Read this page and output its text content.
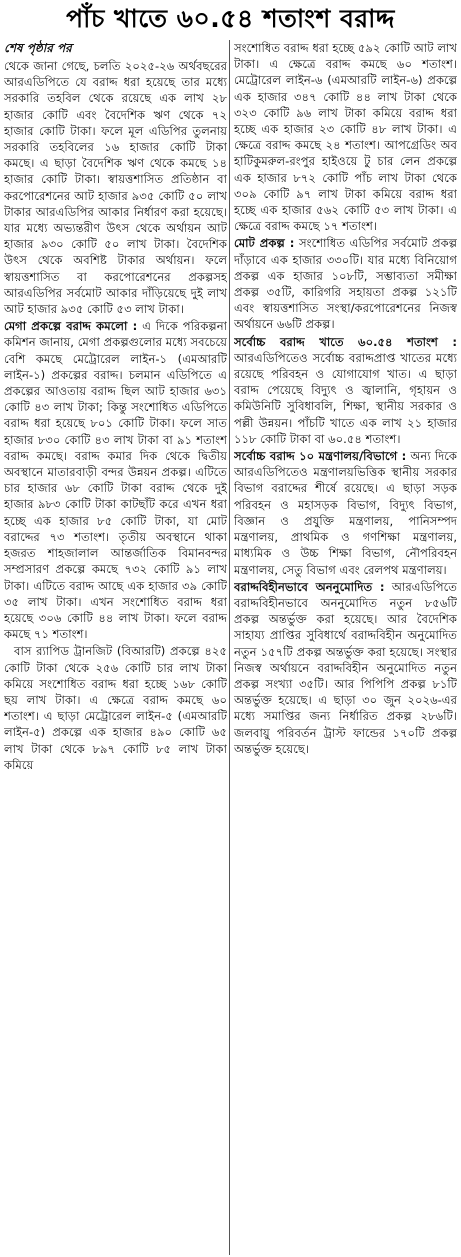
পাঁচ খাতে ৬০.৫৪ শতাংশ বরাদ্দ

শেষ পৃষ্ঠার পর

থেকে জানা গেছে, চলতি ২০২৫-২৬ অর্থবছরের আরএডিপিতে যে বরাদ্দ ধরা হয়েছে তার মধ্যে সরকারি তহবিল থেকে রয়েছে এক লাখ ২৮ হাজার কোটি এবং বৈদেশিক ঋণ থেকে ৭২ হাজার কোটি টাকা। ফলে মূল এডিপির তুলনায় সরকারি তহবিলের ১৬ হাজার কোটি টাকা কমছে। এ ছাড়া বৈদেশিক ঋণ থেকে কমছে ১৪ হাজার কোটি টাকা। স্বায়ত্তশাসিত প্রতিষ্ঠান বা করপোরেশনের আট হাজার ৯৩৫ কোটি ৫০ লাখ টাকার আরএডিপির আকার নির্ধারণ করা হয়েছে। যার মধ্যে অভ্যন্তরীণ উৎস থেকে অর্থায়ন আট হাজার ৯৩০ কোটি ৫০ লাখ টাকা। বৈদেশিক উৎস থেকে অবশিষ্ট টাকার অর্থায়ন। ফলে স্বায়ত্তশাসিত বা করপোরেশনের প্রকল্পসহ আরএডিপির সর্বমোট আকার দাঁড়িয়েছে দুই লাখ আট হাজার ৯৩৫ কোটি ৫৩ লাখ টাকা।

মেগা প্রকল্পে বরাদ্দ কমলো : এ দিকে পরিকল্পনা কমিশন জানায়, মেগা প্রকল্পগুলোর মধ্যে সবচেয়ে বেশি কমছে মেট্রোরেল লাইন-১ (এমআরটি লাইন-১) প্রকল্পের বরাদ্দ। চলমান এডিপিতে এ প্রকল্পের আওতায় বরাদ্দ ছিল আট হাজার ৬৩১ কোটি ৪৩ লাখ টাকা; কিন্তু সংশোধিত এডিপিতে বরাদ্দ ধরা হয়েছে ৮০১ কোটি টাকা। ফলে সাত হাজার ৮৩০ কোটি ৪৩ লাখ টাকা বা ৯১ শতাংশ বরাদ্দ কমছে। বরাদ্দ কমার দিক থেকে দ্বিতীয় অবস্থানে মাতারবাড়ী বন্দর উন্নয়ন প্রকল্প। এটিতে চার হাজার ৬৮ কোটি টাকা বরাদ্দ থেকে দুই হাজার ৯৮৩ কোটি টাকা কাটছাঁট করে এখন ধরা হচ্ছে এক হাজার ৮৫ কোটি টাকা, যা মোট বরাদ্দের ৭৩ শতাংশ। তৃতীয় অবস্থানে থাকা হজরত শাহজালাল আন্তর্জাতিক বিমানবন্দর সম্প্রসারণ প্রকল্পে কমছে ৭৩২ কোটি ৯১ লাখ টাকা। এটিতে বরাদ্দ আছে এক হাজার ৩৯ কোটি ৩৫ লাখ টাকা। এখন সংশোধিত বরাদ্দ ধরা হয়েছে ৩০৬ কোটি ৪৪ লাখ টাকা। ফলে বরাদ্দ কমছে ৭১ শতাংশ।

বাস র‍্যাপিড ট্রানজিট (বিআরটি) প্রকল্পে ৪২৫ কোটি টাকা থেকে ২৫৬ কোটি চার লাখ টাকা কমিয়ে সংশোধিত বরাদ্দ ধরা হচ্ছে ১৬৮ কোটি ছয় লাখ টাকা। এ ক্ষেত্রে বরাদ্দ কমছে ৬০ শতাংশ। এ ছাড়া মেট্রোরেল লাইন-৫ (এমআরটি লাইন-৫) প্রকল্পে এক হাজার ৪৯০ কোটি ৬৫ লাখ টাকা থেকে ৮৯৭ কোটি ৮৫ লাখ টাকা কমিয়ে

সংশোধিত বরাদ্দ ধরা হচ্ছে ৫৯২ কোটি আট লাখ টাকা। এ ক্ষেত্রে বরাদ্দ কমছে ৬০ শতাংশ। মেট্রোরেল লাইন-৬ (এমআরটি লাইন-৬) প্রকল্পে এক হাজার ৩৪৭ কোটি ৪৪ লাখ টাকা থেকে ৩২৩ কোটি ৯৬ লাখ টাকা কমিয়ে বরাদ্দ ধরা হচ্ছে এক হাজার ২৩ কোটি ৪৮ লাখ টাকা। এ ক্ষেত্রে বরাদ্দ কমছে ২৪ শতাংশ। আপগ্রেডিং অব হাটিকুমরুল-রংপুর হাইওয়ে টু চার লেন প্রকল্পে এক হাজার ৮৭২ কোটি পাঁচ লাখ টাকা থেকে ৩০৯ কোটি ৯৭ লাখ টাকা কমিয়ে বরাদ্দ ধরা হচ্ছে এক হাজার ৫৬২ কোটি ৫৩ লাখ টাকা। এ ক্ষেত্রে বরাদ্দ কমছে ১৭ শতাংশ।

মোট প্রকল্প : সংশোধিত এডিপির সর্বমোট প্রকল্প দাঁড়াবে এক হাজার ৩৩০টি। যার মধ্যে বিনিয়োগ প্রকল্প এক হাজার ১০৮টি, সম্ভাব্যতা সমীক্ষা প্রকল্প ৩৫টি, কারিগরি সহায়তা প্রকল্প ১২১টি এবং স্বায়ত্তশাসিত সংস্থা/করপোরেশনের নিজস্ব অর্থায়নে ৬৬টি প্রকল্প।

সর্বোচ্চ বরাদ্দ খাতে ৬০.৫৪ শতাংশ : আরএডিপিতেও সর্বোচ্চ বরাদ্দপ্রাপ্ত খাতের মধ্যে রয়েছে পরিবহন ও যোগাযোগ খাত। এ ছাড়া বরাদ্দ পেয়েছে বিদ্যুৎ ও জ্বালানি, গৃহায়ন ও কমিউনিটি সুবিধাবলি, শিক্ষা, স্থানীয় সরকার ও পল্লী উন্নয়ন। পাঁচটি খাতে এক লাখ ২১ হাজার ১১৮ কোটি টাকা বা ৬০.৫৪ শতাংশ।

সর্বোচ্চ বরাদ্দ ১০ মন্ত্রণালয়/বিভাগে : অন্য দিকে আরএডিপিতেও মন্ত্রণালয়ভিত্তিক স্থানীয় সরকার বিভাগ বরাদ্দের শীর্ষে রয়েছে। এ ছাড়া সড়ক পরিবহন ও মহাসড়ক বিভাগ, বিদ্যুৎ বিভাগ, বিজ্ঞান ও প্রযুক্তি মন্ত্রণালয়, পানিসম্পদ মন্ত্রণালয়, প্রাথমিক ও গণশিক্ষা মন্ত্রণালয়, মাধ্যমিক ও উচ্চ শিক্ষা বিভাগ, নৌপরিবহন মন্ত্রণালয়, সেতু বিভাগ এবং রেলপথ মন্ত্রণালয়।

বরাদ্দবিহীনভাবে অননুমোদিত : আরএডিপিতে বরাদ্দবিহীনভাবে অননুমোদিত নতুন ৮৫৬টি প্রকল্প অন্তর্ভুক্ত করা হয়েছে। আর বৈদেশিক সাহায্য প্রাপ্তির সুবিধার্থে বরাদ্দবিহীন অনুমোদিত নতুন ১৫৭টি প্রকল্প অন্তর্ভুক্ত করা হয়েছে। সংস্থার নিজস্ব অর্থায়নে বরাদ্দবিহীন অনুমোদিত নতুন প্রকল্প সংখ্যা ৩৫টি। আর পিপিপি প্রকল্প ৮১টি অন্তর্ভুক্ত হয়েছে। এ ছাড়া ৩০ জুন ২০২৬-এর মধ্যে সমাপ্তির জন্য নির্ধারিত প্রকল্প ২৮৬টি। জলবায়ু পরিবর্তন ট্রাস্ট ফান্ডের ১৭০টি প্রকল্প অন্তর্ভুক্ত হয়েছে।
